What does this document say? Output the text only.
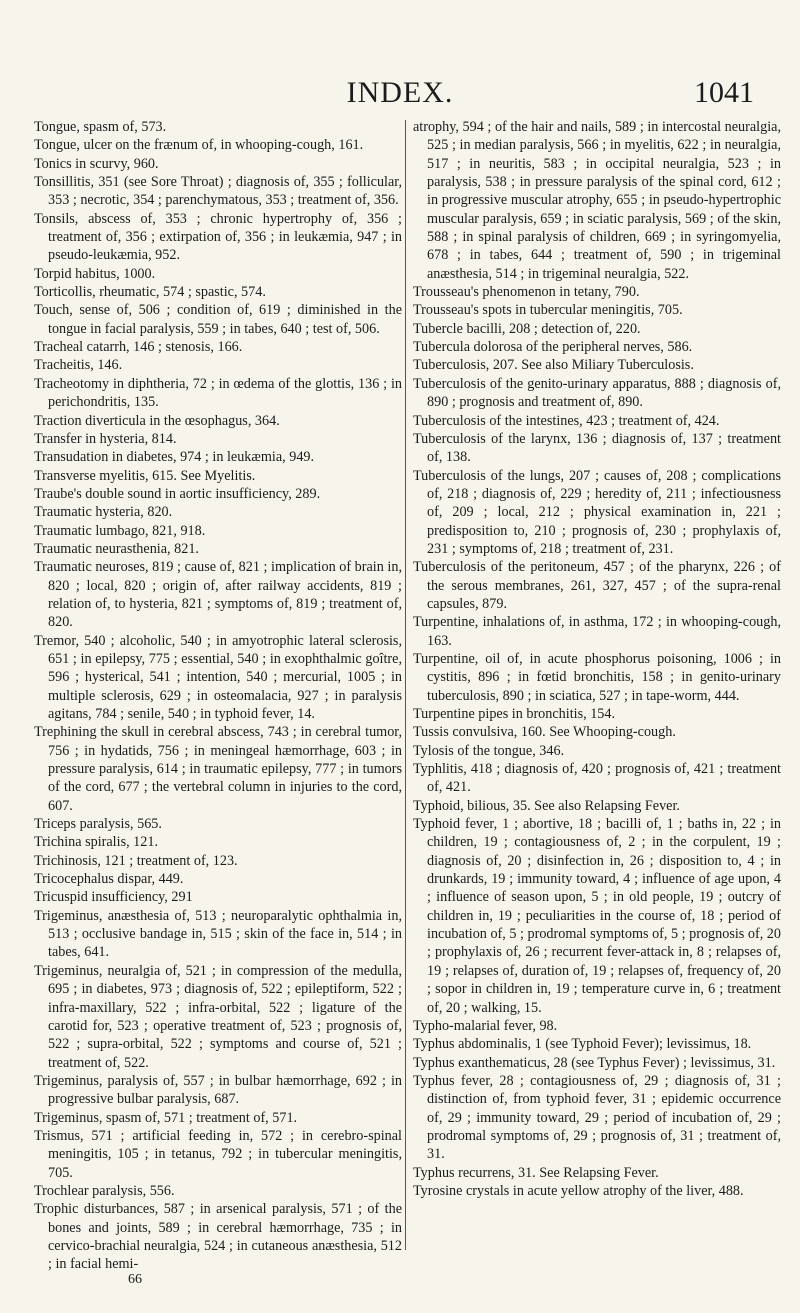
INDEX.	1041

Tongue, spasm of, 573.

Tongue, ulcer on the frænum of, in whooping-cough, 161.

Tonics in scurvy, 960.

Tonsillitis, 351 (see Sore Throat) ; diagnosis of, 355 ; follicular, 353 ; necrotic, 354 ; parenchymatous, 353 ; treatment of, 356.

Tonsils, abscess of, 353 ; chronic hypertrophy of, 356 ; treatment of, 356 ; extirpation of, 356 ; in leukæmia, 947 ; in pseudo-leukæmia, 952.

Torpid habitus, 1000.

Torticollis, rheumatic, 574 ; spastic, 574.

Touch, sense of, 506 ; condition of, 619 ; diminished in the tongue in facial paralysis, 559 ; in tabes, 640 ; test of, 506.

Tracheal catarrh, 146 ; stenosis, 166.

Tracheitis, 146.

Tracheotomy in diphtheria, 72 ; in œdema of the glottis, 136 ; in perichondritis, 135.

Traction diverticula in the œsophagus, 364.

Transfer in hysteria, 814.

Transudation in diabetes, 974 ; in leukæmia, 949.

Transverse myelitis, 615. See Myelitis.

Traube's double sound in aortic insufficiency, 289.

Traumatic hysteria, 820.

Traumatic lumbago, 821, 918.

Traumatic neurasthenia, 821.

Traumatic neuroses, 819 ; cause of, 821 ; implication of brain in, 820 ; local, 820 ; origin of, after railway accidents, 819 ; relation of, to hysteria, 821 ; symptoms of, 819 ; treatment of, 820.

Tremor, 540 ; alcoholic, 540 ; in amyotrophic lateral sclerosis, 651 ; in epilepsy, 775 ; essential, 540 ; in exophthalmic goître, 596 ; hysterical, 541 ; intention, 540 ; mercurial, 1005 ; in multiple sclerosis, 629 ; in osteomalacia, 927 ; in paralysis agitans, 784 ; senile, 540 ; in typhoid fever, 14.

Trephining the skull in cerebral abscess, 743 ; in cerebral tumor, 756 ; in hydatids, 756 ; in meningeal hæmorrhage, 603 ; in pressure paralysis, 614 ; in traumatic epilepsy, 777 ; in tumors of the cord, 677 ; the vertebral column in injuries to the cord, 607.

Triceps paralysis, 565.

Trichina spiralis, 121.

Trichinosis, 121 ; treatment of, 123.

Tricocephalus dispar, 449.

Tricuspid insufficiency, 291

Trigeminus, anæsthesia of, 513 ; neuroparalytic ophthalmia in, 513 ; occlusive bandage in, 515 ; skin of the face in, 514 ; in tabes, 641.

Trigeminus, neuralgia of, 521 ; in compression of the medulla, 695 ; in diabetes, 973 ; diagnosis of, 522 ; epileptiform, 522 ; infra-maxillary, 522 ; infra-orbital, 522 ; ligature of the carotid for, 523 ; operative treatment of, 523 ; prognosis of, 522 ; supra-orbital, 522 ; symptoms and course of, 521 ; treatment of, 522.

Trigeminus, paralysis of, 557 ; in bulbar hæmorrhage, 692 ; in progressive bulbar paralysis, 687.

Trigeminus, spasm of, 571 ; treatment of, 571.

Trismus, 571 ; artificial feeding in, 572 ; in cerebro-spinal meningitis, 105 ; in tetanus, 792 ; in tubercular meningitis, 705.

Trochlear paralysis, 556.

Trophic disturbances, 587 ; in arsenical paralysis, 571 ; of the bones and joints, 589 ; in cerebral hæmorrhage, 735 ; in cervico-brachial neuralgia, 524 ; in cutaneous anæsthesia, 512 ; in facial hemi-

atrophy, 594 ; of the hair and nails, 589 ; in intercostal neuralgia, 525 ; in median paralysis, 566 ; in myelitis, 622 ; in neuralgia, 517 ; in neuritis, 583 ; in occipital neuralgia, 523 ; in paralysis, 538 ; in pressure paralysis of the spinal cord, 612 ; in progressive muscular atrophy, 655 ; in pseudo-hypertrophic muscular paralysis, 659 ; in sciatic paralysis, 569 ; of the skin, 588 ; in spinal paralysis of children, 669 ; in syringomyelia, 678 ; in tabes, 644 ; treatment of, 590 ; in trigeminal anæsthesia, 514 ; in trigeminal neuralgia, 522.

Trousseau's phenomenon in tetany, 790.

Trousseau's spots in tubercular meningitis, 705.

Tubercle bacilli, 208 ; detection of, 220.

Tubercula dolorosa of the peripheral nerves, 586.

Tuberculosis, 207. See also Miliary Tuberculosis.

Tuberculosis of the genito-urinary apparatus, 888 ; diagnosis of, 890 ; prognosis and treatment of, 890.

Tuberculosis of the intestines, 423 ; treatment of, 424.

Tuberculosis of the larynx, 136 ; diagnosis of, 137 ; treatment of, 138.

Tuberculosis of the lungs, 207 ; causes of, 208 ; complications of, 218 ; diagnosis of, 229 ; heredity of, 211 ; infectiousness of, 209 ; local, 212 ; physical examination in, 221 ; predisposition to, 210 ; prognosis of, 230 ; prophylaxis of, 231 ; symptoms of, 218 ; treatment of, 231.

Tuberculosis of the peritoneum, 457 ; of the pharynx, 226 ; of the serous membranes, 261, 327, 457 ; of the supra-renal capsules, 879.

Turpentine, inhalations of, in asthma, 172 ; in whooping-cough, 163.

Turpentine, oil of, in acute phosphorus poisoning, 1006 ; in cystitis, 896 ; in fœtid bronchitis, 158 ; in genito-urinary tuberculosis, 890 ; in sciatica, 527 ; in tape-worm, 444.

Turpentine pipes in bronchitis, 154.

Tussis convulsiva, 160. See Whooping-cough.

Tylosis of the tongue, 346.

Typhlitis, 418 ; diagnosis of, 420 ; prognosis of, 421 ; treatment of, 421.

Typhoid, bilious, 35. See also Relapsing Fever.

Typhoid fever, 1 ; abortive, 18 ; bacilli of, 1 ; baths in, 22 ; in children, 19 ; contagiousness of, 2 ; in the corpulent, 19 ; diagnosis of, 20 ; disinfection in, 26 ; disposition to, 4 ; in drunkards, 19 ; immunity toward, 4 ; influence of age upon, 4 ; influence of season upon, 5 ; in old people, 19 ; outcry of children in, 19 ; peculiarities in the course of, 18 ; period of incubation of, 5 ; prodromal symptoms of, 5 ; prognosis of, 20 ; prophylaxis of, 26 ; recurrent fever-attack in, 8 ; relapses of, 19 ; relapses of, duration of, 19 ; relapses of, frequency of, 20 ; sopor in children in, 19 ; temperature curve in, 6 ; treatment of, 20 ; walking, 15.

Typho-malarial fever, 98.

Typhus abdominalis, 1 (see Typhoid Fever); levissimus, 18.

Typhus exanthematicus, 28 (see Typhus Fever) ; levissimus, 31.

Typhus fever, 28 ; contagiousness of, 29 ; diagnosis of, 31 ; distinction of, from typhoid fever, 31 ; epidemic occurrence of, 29 ; immunity toward, 29 ; period of incubation of, 29 ; prodromal symptoms of, 29 ; prognosis of, 31 ; treatment of, 31.

Typhus recurrens, 31. See Relapsing Fever.

Tyrosine crystals in acute yellow atrophy of the liver, 488.

66
